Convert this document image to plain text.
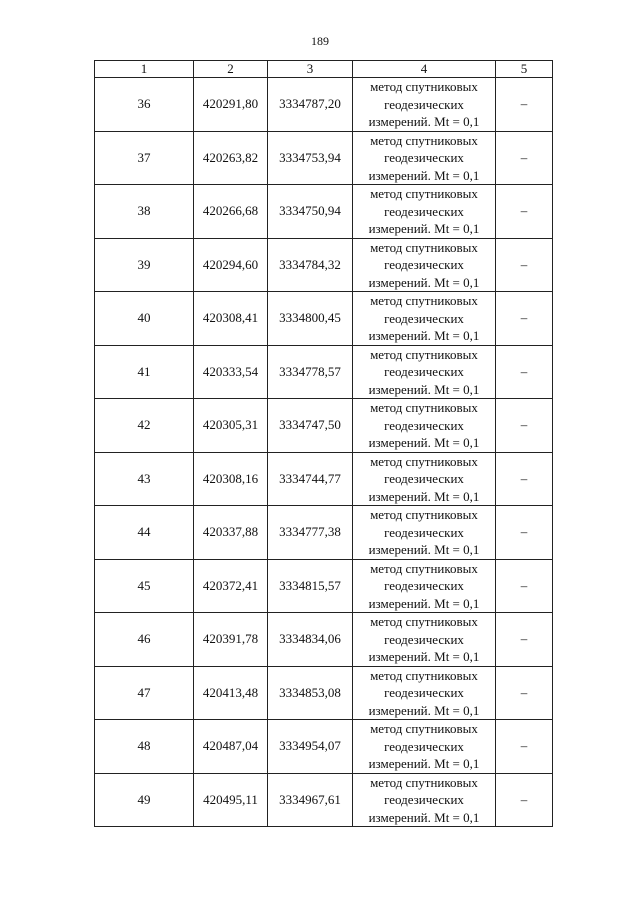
189
1	2	3	4	5
36	420291,80	3334787,20	метод спутниковых
геодезических
измерений. Mt = 0,1	–
37	420263,82	3334753,94	метод спутниковых
геодезических
измерений. Mt = 0,1	–
38	420266,68	3334750,94	метод спутниковых
геодезических
измерений. Mt = 0,1	–
39	420294,60	3334784,32	метод спутниковых
геодезических
измерений. Mt = 0,1	–
40	420308,41	3334800,45	метод спутниковых
геодезических
измерений. Mt = 0,1	–
41	420333,54	3334778,57	метод спутниковых
геодезических
измерений. Mt = 0,1	–
42	420305,31	3334747,50	метод спутниковых
геодезических
измерений. Mt = 0,1	–
43	420308,16	3334744,77	метод спутниковых
геодезических
измерений. Mt = 0,1	–
44	420337,88	3334777,38	метод спутниковых
геодезических
измерений. Mt = 0,1	–
45	420372,41	3334815,57	метод спутниковых
геодезических
измерений. Mt = 0,1	–
46	420391,78	3334834,06	метод спутниковых
геодезических
измерений. Mt = 0,1	–
47	420413,48	3334853,08	метод спутниковых
геодезических
измерений. Mt = 0,1	–
48	420487,04	3334954,07	метод спутниковых
геодезических
измерений. Mt = 0,1	–
49	420495,11	3334967,61	метод спутниковых
геодезических
измерений. Mt = 0,1	–
